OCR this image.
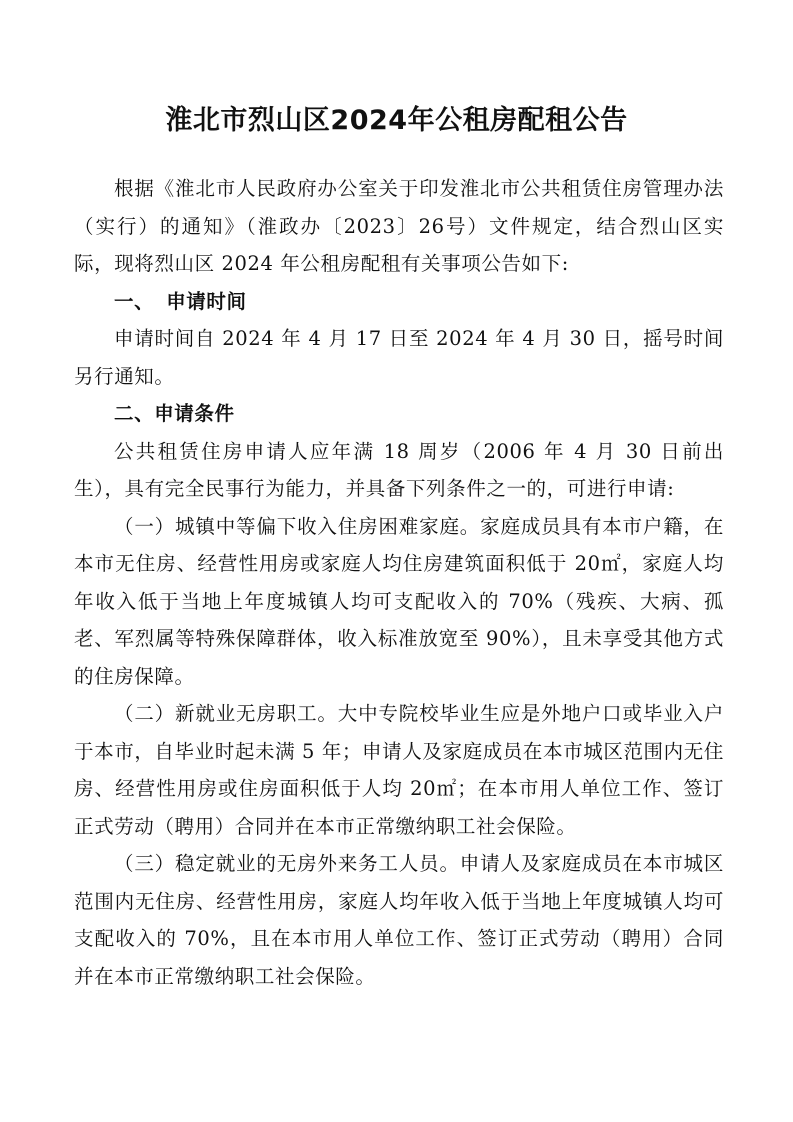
淮北市烈山区2024年公租房配租公告

根据《淮北市人民政府办公室关于印发淮北市公共租赁住房管理办法（实行）的通知》（淮政办〔2023〕26号）文件规定，结合烈山区实际，现将烈山区 2024 年公租房配租有关事项公告如下:

一、 申请时间

申请时间自 2024 年 4 月 17 日至 2024 年 4 月 30 日，摇号时间另行通知。

二、申请条件

公共租赁住房申请人应年满 18 周岁（2006 年 4 月 30 日前出生），具有完全民事行为能力，并具备下列条件之一的，可进行申请:

（一）城镇中等偏下收入住房困难家庭。家庭成员具有本市户籍，在本市无住房、经营性用房或家庭人均住房建筑面积低于 20㎡，家庭人均年收入低于当地上年度城镇人均可支配收入的 70%（残疾、大病、孤老、军烈属等特殊保障群体，收入标准放宽至 90%），且未享受其他方式的住房保障。

（二）新就业无房职工。大中专院校毕业生应是外地户口或毕业入户于本市，自毕业时起未满 5 年；申请人及家庭成员在本市城区范围内无住房、经营性用房或住房面积低于人均 20㎡；在本市用人单位工作、签订正式劳动（聘用）合同并在本市正常缴纳职工社会保险。

（三）稳定就业的无房外来务工人员。申请人及家庭成员在本市城区范围内无住房、经营性用房，家庭人均年收入低于当地上年度城镇人均可支配收入的 70%，且在本市用人单位工作、签订正式劳动（聘用）合同并在本市正常缴纳职工社会保险。
